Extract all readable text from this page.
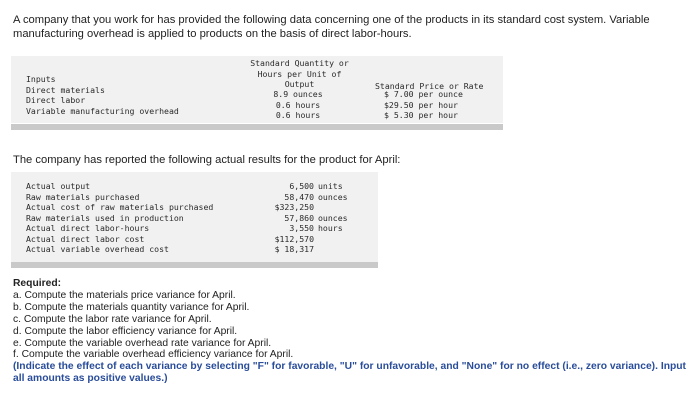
A company that you work for has provided the following data concerning one of the products in its standard cost system. Variable manufacturing overhead is applied to products on the basis of direct labor-hours.
Standard Quantity or
Hours per Unit of
Output	Standard Price or Rate
Inputs
Direct materials
Direct labor
Variable manufacturing overhead
8.9 ounces
0.6 hours
0.6 hours
$ 7.00 per ounce
$29.50 per hour
$ 5.30 per hour
The company has reported the following actual results for the product for April:
Actual output
Raw materials purchased
Actual cost of raw materials purchased
Raw materials used in production
Actual direct labor-hours
Actual direct labor cost
Actual variable overhead cost
6,500 units
58,470 ounces
$323,250
57,860 ounces
3,550 hours
$112,570
$ 18,317
Required:
a. Compute the materials price variance for April.
b. Compute the materials quantity variance for April.
c. Compute the labor rate variance for April.
d. Compute the labor efficiency variance for April.
e. Compute the variable overhead rate variance for April.
f. Compute the variable overhead efficiency variance for April.
(Indicate the effect of each variance by selecting "F" for favorable, "U" for unfavorable, and "None" for no effect (i.e., zero variance). Input all amounts as positive values.)
